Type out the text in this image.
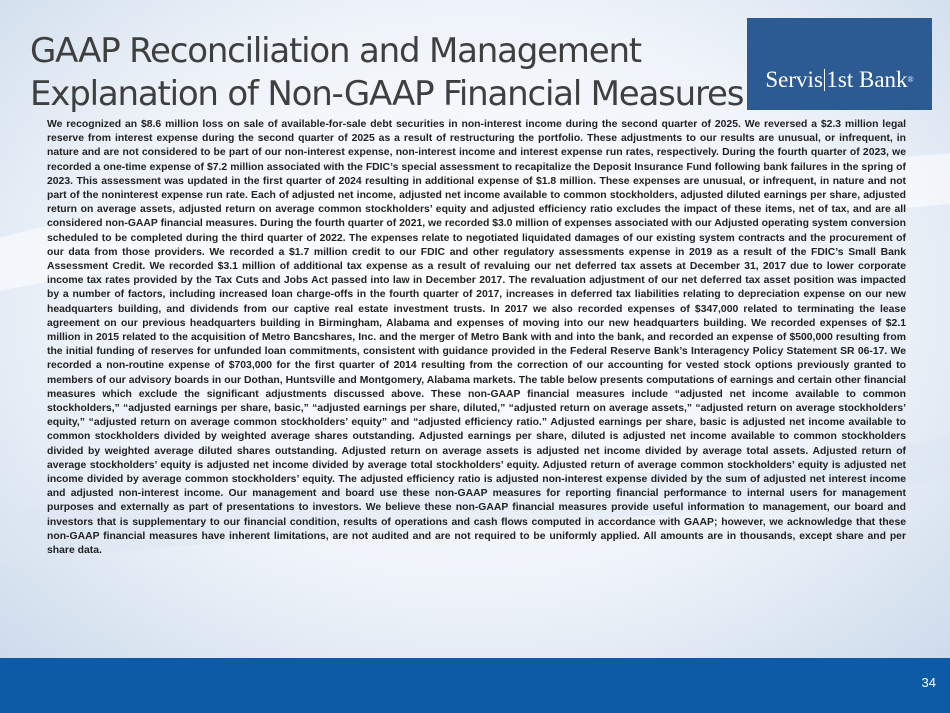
GAAP Reconciliation and Management
Explanation of Non-GAAP Financial Measures Servis 1st Bank®

We recognized an $8.6 million loss on sale of available-for-sale debt securities in non-interest income during the second quarter of 2025. We reversed a $2.3 million legal reserve from interest expense during the second quarter of 2025 as a result of restructuring the portfolio. These adjustments to our results are unusual, or infrequent, in nature and are not considered to be part of our non-interest expense, non-interest income and interest expense run rates, respectively. During the fourth quarter of 2023, we recorded a one-time expense of $7.2 million associated with the FDIC’s special assessment to recapitalize the Deposit Insurance Fund following bank failures in the spring of 2023. This assessment was updated in the first quarter of 2024 resulting in additional expense of $1.8 million. These expenses are unusual, or infrequent, in nature and not part of the noninterest expense run rate. Each of adjusted net income, adjusted net income available to common stockholders, adjusted diluted earnings per share, adjusted return on average assets, adjusted return on average common stockholders’ equity and adjusted efficiency ratio excludes the impact of these items, net of tax, and are all considered non-GAAP financial measures. During the fourth quarter of 2021, we recorded $3.0 million of expenses associated with our Adjusted operating system conversion scheduled to be completed during the third quarter of 2022. The expenses relate to negotiated liquidated damages of our existing system contracts and the procurement of our data from those providers. We recorded a $1.7 million credit to our FDIC and other regulatory assessments expense in 2019 as a result of the FDIC’s Small Bank Assessment Credit. We recorded $3.1 million of additional tax expense as a result of revaluing our net deferred tax assets at December 31, 2017 due to lower corporate income tax rates provided by the Tax Cuts and Jobs Act passed into law in December 2017. The revaluation adjustment of our net deferred tax asset position was impacted by a number of factors, including increased loan charge-offs in the fourth quarter of 2017, increases in deferred tax liabilities relating to depreciation expense on our new headquarters building, and dividends from our captive real estate investment trusts. In 2017 we also recorded expenses of $347,000 related to terminating the lease agreement on our previous headquarters building in Birmingham, Alabama and expenses of moving into our new headquarters building. We recorded expenses of $2.1 million in 2015 related to the acquisition of Metro Bancshares, Inc. and the merger of Metro Bank with and into the bank, and recorded an expense of $500,000 resulting from the initial funding of reserves for unfunded loan commitments, consistent with guidance provided in the Federal Reserve Bank’s Interagency Policy Statement SR 06-17. We recorded a non-routine expense of $703,000 for the first quarter of 2014 resulting from the correction of our accounting for vested stock options previously granted to members of our advisory boards in our Dothan, Huntsville and Montgomery, Alabama markets. The table below presents computations of earnings and certain other financial measures which exclude the significant adjustments discussed above. These non-GAAP financial measures include “adjusted net income available to common stockholders,” “adjusted earnings per share, basic,” “adjusted earnings per share, diluted,” “adjusted return on average assets,” “adjusted return on average stockholders’ equity,” “adjusted return on average common stockholders’ equity” and “adjusted efficiency ratio.” Adjusted earnings per share, basic is adjusted net income available to common stockholders divided by weighted average shares outstanding. Adjusted earnings per share, diluted is adjusted net income available to common stockholders divided by weighted average diluted shares outstanding. Adjusted return on average assets is adjusted net income divided by average total assets. Adjusted return of average stockholders’ equity is adjusted net income divided by average total stockholders’ equity. Adjusted return of average common stockholders’ equity is adjusted net income divided by average common stockholders’ equity. The adjusted efficiency ratio is adjusted non-interest expense divided by the sum of adjusted net interest income and adjusted non-interest income. Our management and board use these non-GAAP measures for reporting financial performance to internal users for management purposes and externally as part of presentations to investors. We believe these non-GAAP financial measures provide useful information to management, our board and investors that is supplementary to our financial condition, results of operations and cash flows computed in accordance with GAAP; however, we acknowledge that these non-GAAP financial measures have inherent limitations, are not audited and are not required to be uniformly applied. All amounts are in thousands, except share and per share data.

34
